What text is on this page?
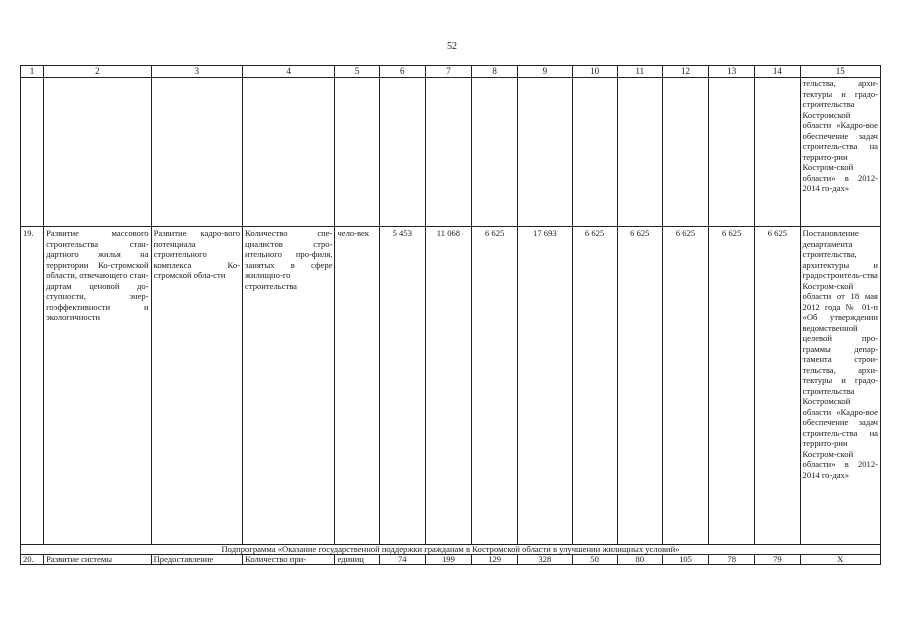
52
1	2	3	4	5	6	7	8	9	10	11	12	13	14	15
														тельства, архи-тектуры и градо-строительства Костромской области «Кадро-вое обеспечение задач строитель-ства на террито-рии Костром-ской области» в 2012-2014 го-дах»
19.	Развитие массового строительства стан-дартного жилья на территории Ко-стромской области, отвечающего стан-дартам ценовой до-ступности, энер-гоэффективности и экологичности	Развитие кадро-вого потенциала строительного комплекса Ко-стромской обла-сти	Количество спе-циалистов стро-ительного про-филя, занятых в сфере жилищно-го строительства	чело-век	5 453	11 068	6 625	17 693	6 625	6 625	6 625	6 625	6 625	Постановление департамента строительства, архитектуры и градостроитель-ства Костром-ской области от 18 мая 2012 года № 01-п «Об утверждении ведомственной целевой про-граммы депар-тамента строи-тельства, архи-тектуры и градо-строительства Костромской области «Кадро-вое обеспечение задач строитель-ства на террито-рии Костром-ской области» в 2012-2014 го-дах»
Подпрограмма «Оказание государственной поддержки гражданам в Костромской области в улучшении жилищных условий»														
20.	Развитие системы	Предоставление	Количество при-	единиц	74	199	129	328	50	80	105	78	79	Х
